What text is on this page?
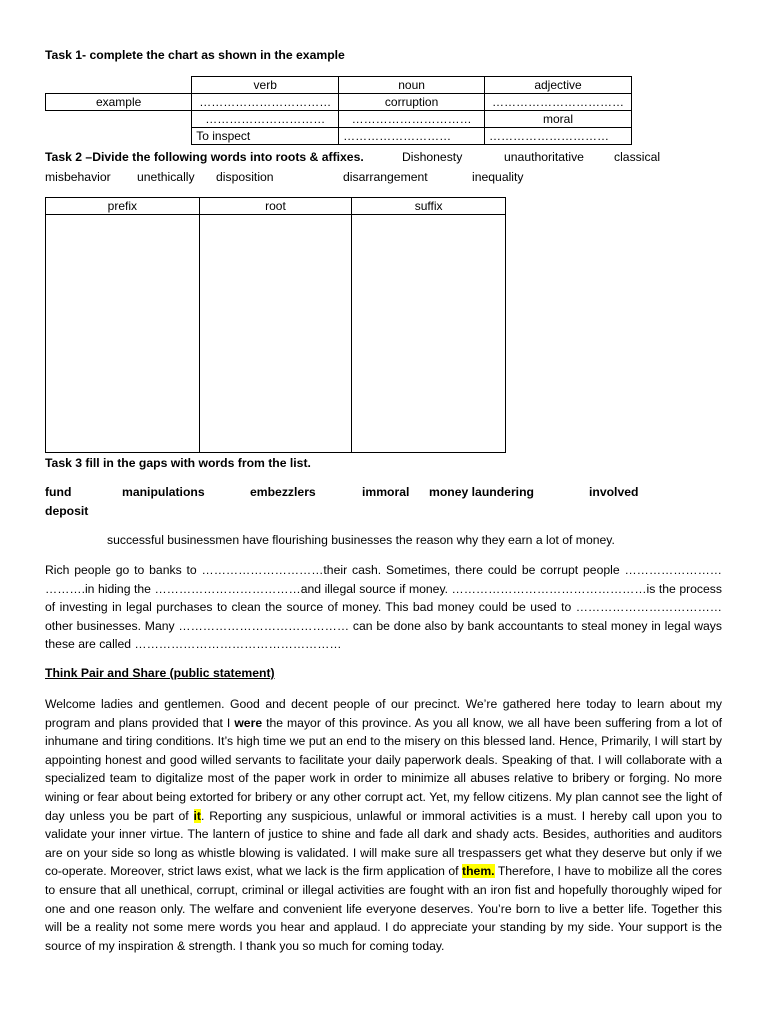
Task 1- complete the chart as shown in the example
	verb	noun	adjective
example	……………………………	corruption	……………………………
	…………………………	…………………………	moral
	To inspect	………………………	…………………………
Task 2 –Divide the following words into roots & affixes.	Dishonesty	unauthoritative classical
misbehavior unethically disposition	disarrangement	inequality
prefix	root	suffix

Task 3 fill in the gaps with words from the list.
fund	manipulations	embezzlers	immoral money laundering	involved
deposit
successful businessmen have flourishing businesses the reason why they earn a lot of money.
Rich people go to banks to …………………………their cash. Sometimes, there could be corrupt people …………………… ……….in hiding the ………………………………and illegal source if money. …………………………………………is the process of investing in legal purchases to clean the source of money. This bad money could be used to ………………………………other businesses. Many …………………………………… can be done also by bank accountants to steal money in legal ways these are called ……………………………………………
Think Pair and Share (public statement)
Welcome ladies and gentlemen. Good and decent people of our precinct. We’re gathered here today to learn about my program and plans provided that I were the mayor of this province. As you all know, we all have been suffering from a lot of inhumane and tiring conditions. It’s high time we put an end to the misery on this blessed land. Hence, Primarily, I will start by appointing honest and good willed servants to facilitate your daily paperwork deals. Speaking of that. I will collaborate with a specialized team to digitalize most of the paper work in order to minimize all abuses relative to bribery or forging. No more wining or fear about being extorted for bribery or any other corrupt act. Yet, my fellow citizens. My plan cannot see the light of day unless you be part of it. Reporting any suspicious, unlawful or immoral activities is a must. I hereby call upon you to validate your inner virtue. The lantern of justice to shine and fade all dark and shady acts. Besides, authorities and auditors are on your side so long as whistle blowing is validated. I will make sure all trespassers get what they deserve but only if we co-operate. Moreover, strict laws exist, what we lack is the firm application of them. Therefore, I have to mobilize all the cores to ensure that all unethical, corrupt, criminal or illegal activities are fought with an iron fist and hopefully thoroughly wiped for one and one reason only. The welfare and convenient life everyone deserves. You’re born to live a better life. Together this will be a reality not some mere words you hear and applaud. I do appreciate your standing by my side. Your support is the source of my inspiration & strength. I thank you so much for coming today.
